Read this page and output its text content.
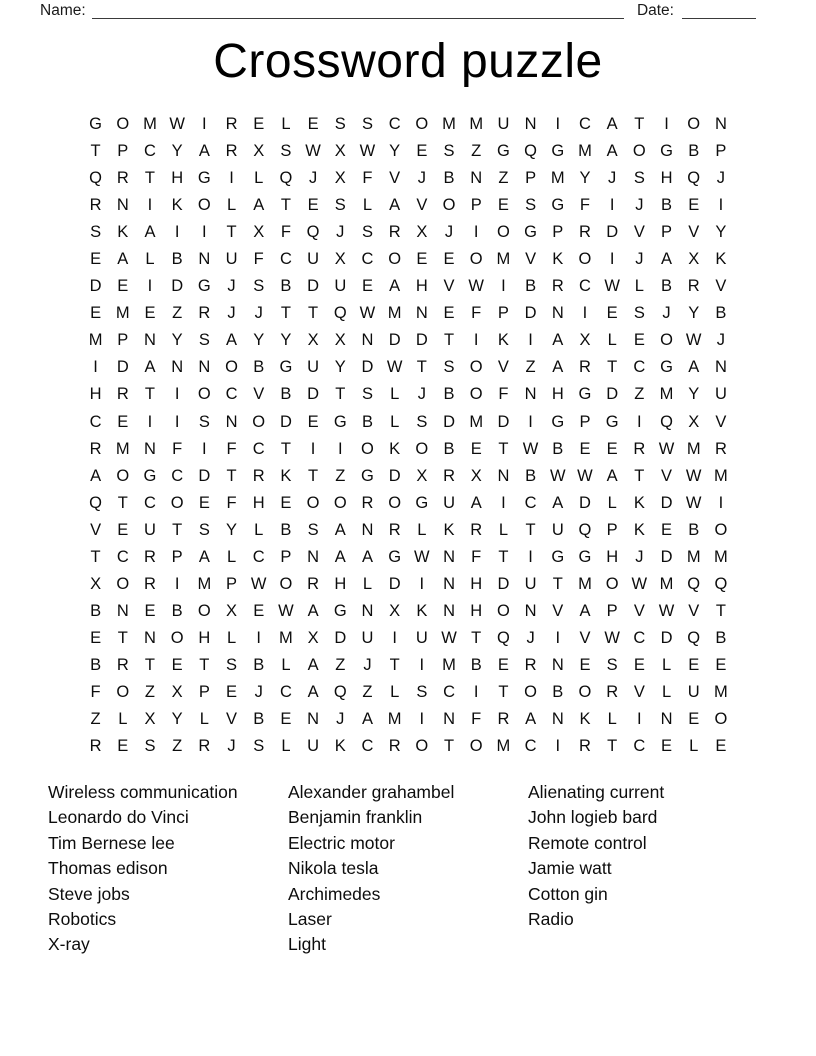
Name:	Date:
Crossword puzzle
G O M W	I	R E	L	E S S C O M M U N	I	C A	T	I	O N
T	P C Y A R X S W X W Y E S	Z G Q G M A O G B P
Q R T H G	I	L Q	J	X	F	V	J	B N Z	P M Y	J	S H Q	J
R N	I	K O L	A	T	E S	L	A V O P E S G F	I	J	B E	I
S K A	I	I	T	X	F Q	J	S R X	J	I	O G P R D V P V Y
E A	L	B N U F C U X C O E E O M V K O	I	J	A X K
D E	I	D G	J	S B D U E A H V W	I	B R C W L	B R V
E M E	Z R	J	J	T	T Q W M N E	F	P D N	I	E S	J	Y B
M P N Y S A Y Y X X N D D T	I	K	I	A X	L	E O W J
I	D A N N O B G U Y D W T	S O V	Z	A R T C G A N
H R T	I	O C V B D T	S	L	J	B O F N H G D Z M Y U
C E	I	I	S N O D E G B	L	S D M D	I	G P G	I	Q X V
R M N F	I	F C T	I	I	O K O B E	T W B E E R W M R
A O G C D T R K	T	Z G D X R X N B W W A	T	V W M
Q T C O E	F H E O O R O G U A	I	C A D	L	K D W	I
V E U T	S Y	L	B S A N R	L	K R	L	T U Q P K E B O
T C R P A	L	C P N A A G W N F	T	I	G G H	J	D M M
X O R	I	M P W O R H	L	D	I	N H D U T M O W M Q Q
B N E B O X E W A G N X K N H O N V A P V W V	T
E	T N O H	L	I	M X D U	I	U W T Q	J	I	V W C D Q B
B R T	E	T	S B	L	A	Z	J	T	I	M B E R N E S E	L	E E
F O Z	X P E	J	C A Q Z	L	S C	I	T O B O R V	L	U M
Z	L	X Y	L	V B E N	J	A M	I	N F R A N K	L	I	N E O
R E S	Z R	J	S	L	U K C R O T O M C	I	R T C E	L	E
Wireless communication
Leonardo do Vinci
Tim Bernese lee
Thomas edison
Steve jobs
Robotics
X-ray
Alexander grahambel
Benjamin franklin
Electric motor
Nikola tesla
Archimedes
Laser
Light
Alienating current
John logieb bard
Remote control
Jamie watt
Cotton gin
Radio
